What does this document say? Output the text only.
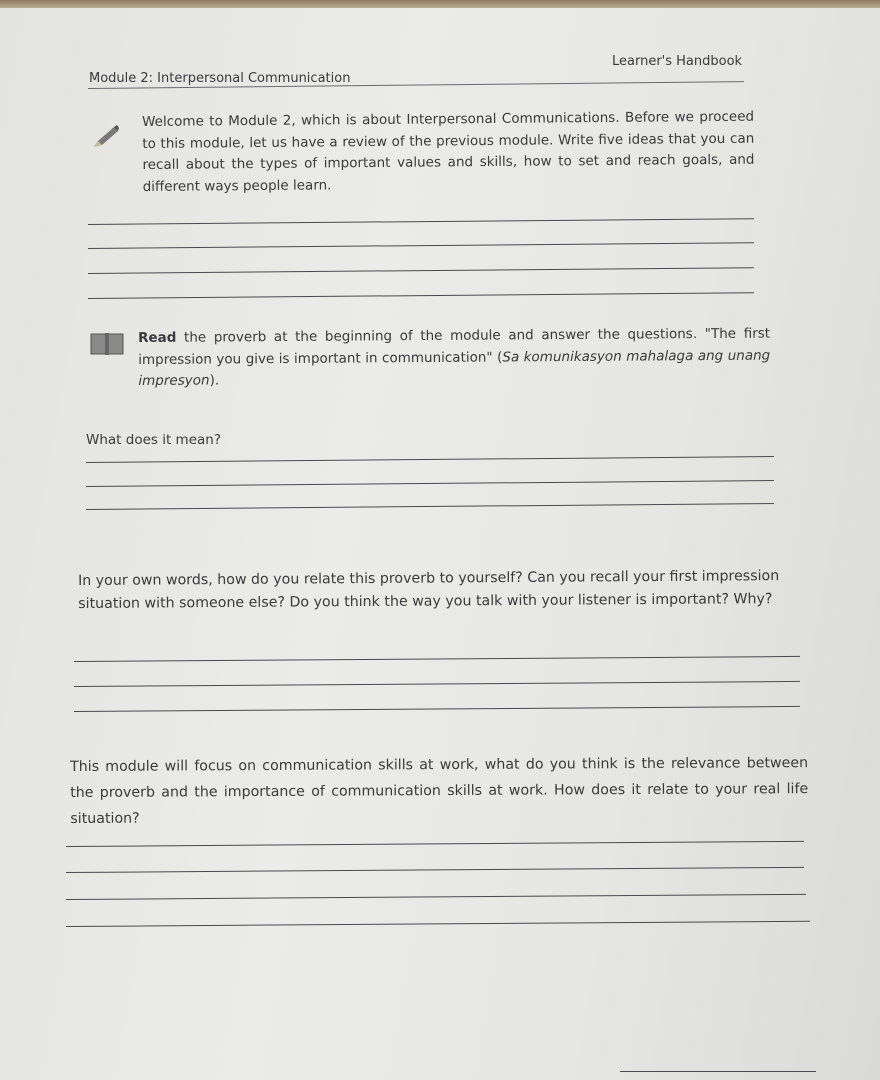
Learner's Handbook
Module 2: Interpersonal Communication
Welcome to Module 2, which is about Interpersonal Communications. Before we proceed to this module, let us have a review of the previous module. Write five ideas that you can recall about the types of important values and skills, how to set and reach goals, and different ways people learn.
Read the proverb at the beginning of the module and answer the questions. "The first impression you give is important in communication" (Sa komunikasyon mahalaga ang unang impresyon).
What does it mean?
In your own words, how do you relate this proverb to yourself? Can you recall your first impression situation with someone else? Do you think the way you talk with your listener is important? Why?
This module will focus on communication skills at work, what do you think is the relevance between the proverb and the importance of communication skills at work. How does it relate to your real life situation?
